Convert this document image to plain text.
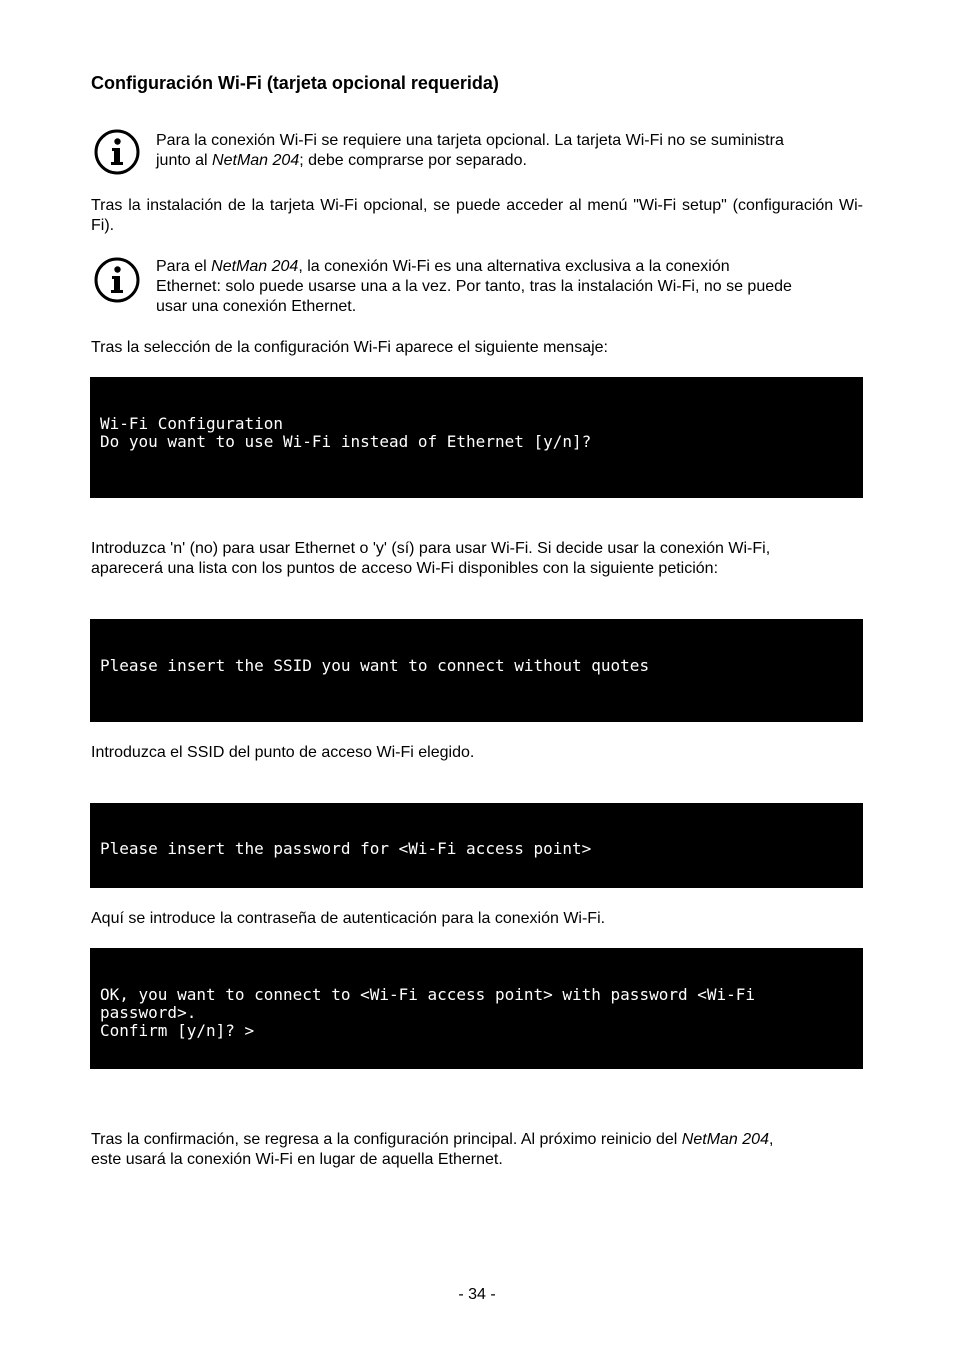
Configuración Wi-Fi (tarjeta opcional requerida)
Para la conexión Wi-Fi se requiere una tarjeta opcional. La tarjeta Wi-Fi no se suministra
junto al NetMan 204; debe comprarse por separado.
Tras la instalación de la tarjeta Wi-Fi opcional, se puede acceder al menú "Wi-Fi setup" (configuración Wi-Fi).
Para el NetMan 204, la conexión Wi-Fi es una alternativa exclusiva a la conexión
Ethernet: solo puede usarse una a la vez. Por tanto, tras la instalación Wi-Fi, no se puede
usar una conexión Ethernet.
Tras la selección de la configuración Wi-Fi aparece el siguiente mensaje:
Wi-Fi Configuration
Do you want to use Wi-Fi instead of Ethernet [y/n]?
Introduzca 'n' (no) para usar Ethernet o 'y' (sí) para usar Wi-Fi. Si decide usar la conexión Wi-Fi,
aparecerá una lista con los puntos de acceso Wi-Fi disponibles con la siguiente petición:
Please insert the SSID you want to connect without quotes
Introduzca el SSID del punto de acceso Wi-Fi elegido.
Please insert the password for <Wi-Fi access point>
Aquí se introduce la contraseña de autenticación para la conexión Wi-Fi.
OK, you want to connect to <Wi-Fi access point> with password <Wi-Fi
password>.
Confirm [y/n]? >
Tras la confirmación, se regresa a la configuración principal. Al próximo reinicio del NetMan 204,
este usará la conexión Wi-Fi en lugar de aquella Ethernet.
- 34 -
